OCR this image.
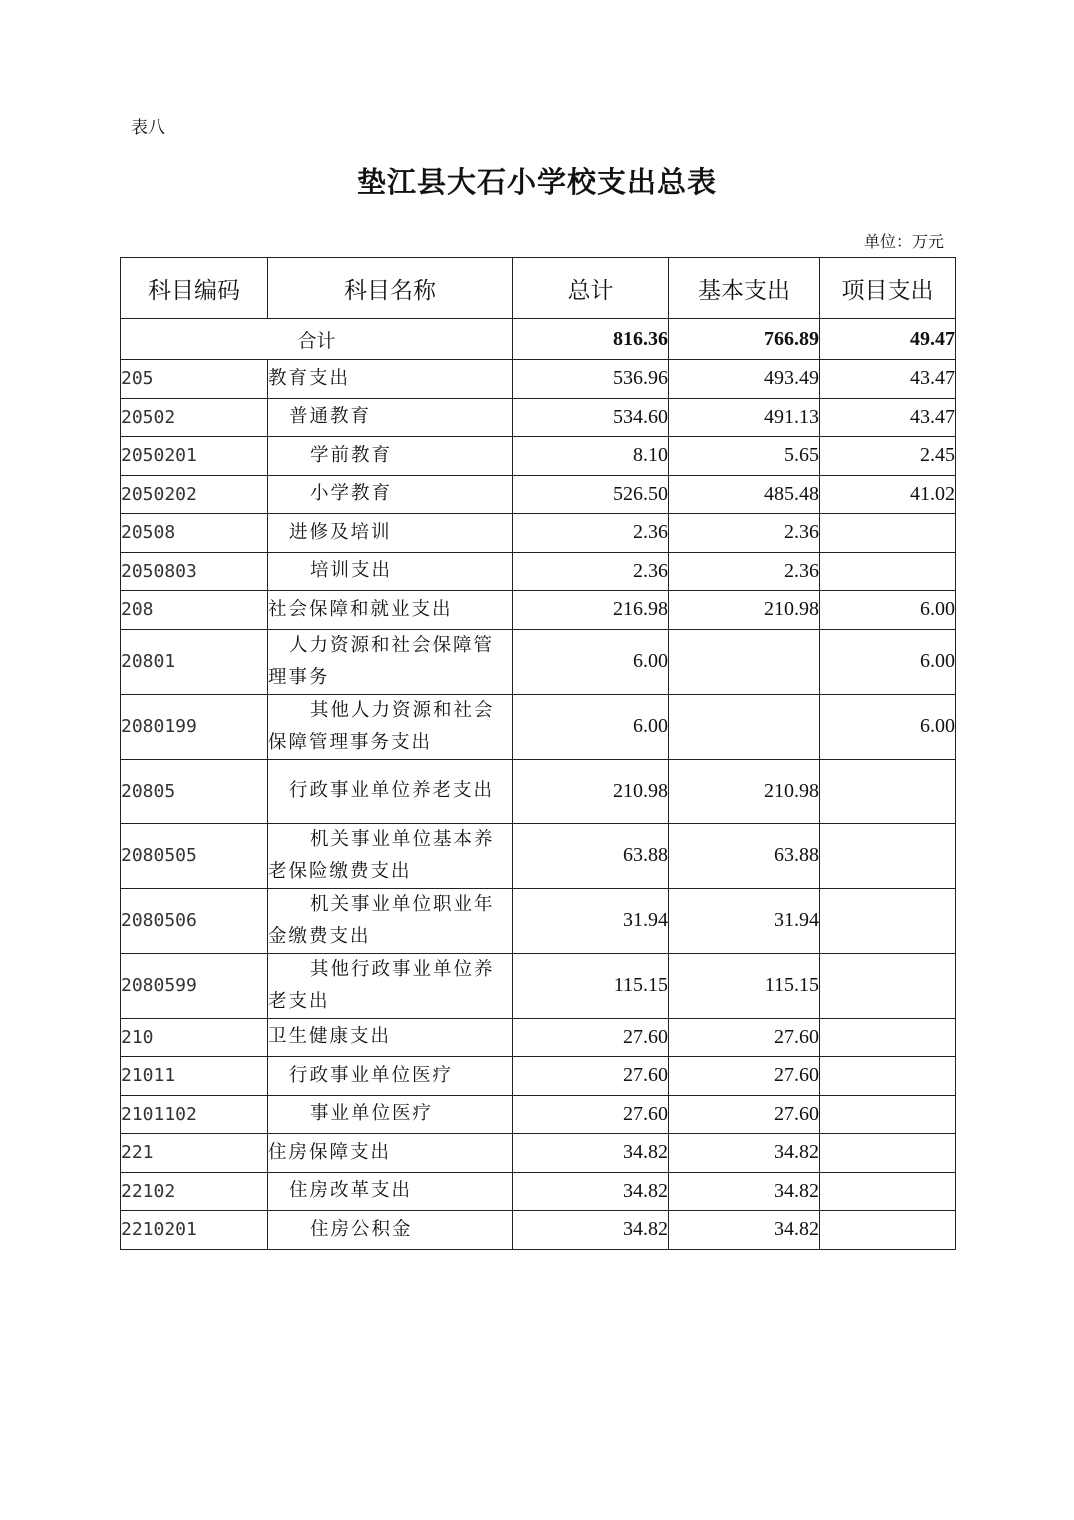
表八
垫江县大石小学校支出总表
单位：万元
科目编码	科目名称	总计	基本支出	项目支出
合计		816.36	766.89	49.47
205	教育支出	536.96	493.49	43.47
20502	普通教育	534.60	491.13	43.47
2050201	学前教育	8.10	5.65	2.45
2050202	小学教育	526.50	485.48	41.02
20508	进修及培训	2.36	2.36	
2050803	培训支出	2.36	2.36	
208	社会保障和就业支出	216.98	210.98	6.00
20801	人力资源和社会保障管理事务	6.00		6.00
2080199	其他人力资源和社会保障管理事务支出	6.00		6.00
20805	行政事业单位养老支出	210.98	210.98	
2080505	机关事业单位基本养老保险缴费支出	63.88	63.88	
2080506	机关事业单位职业年金缴费支出	31.94	31.94	
2080599	其他行政事业单位养老支出	115.15	115.15	
210	卫生健康支出	27.60	27.60	
21011	行政事业单位医疗	27.60	27.60	
2101102	事业单位医疗	27.60	27.60	
221	住房保障支出	34.82	34.82	
22102	住房改革支出	34.82	34.82	
2210201	住房公积金	34.82	34.82	
